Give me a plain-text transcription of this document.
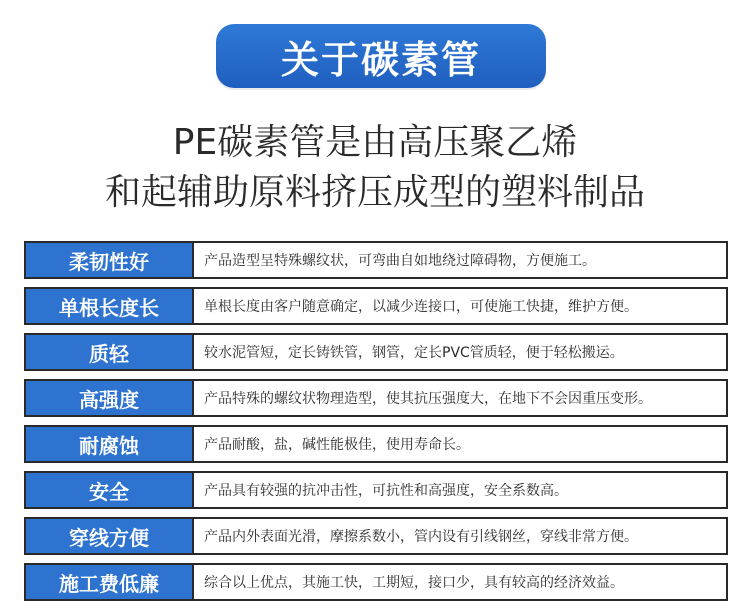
关于碳素管
PE碳素管是由高压聚乙烯
和起辅助原料挤压成型的塑料制品
柔韧性好	产品造型呈特殊螺纹状，可弯曲自如地绕过障碍物，方便施工。
单根长度长	单根长度由客户随意确定，以减少连接口，可使施工快捷，维护方便。
质轻	较水泥管短，定长铸铁管，钢管，定长PVC管质轻，便于轻松搬运。
高强度	产品特殊的螺纹状物理造型，使其抗压强度大，在地下不会因重压变形。
耐腐蚀	产品耐酸，盐，碱性能极佳，使用寿命长。
安全	产品具有较强的抗冲击性，可抗性和高强度，安全系数高。
穿线方便	产品内外表面光滑，摩擦系数小，管内设有引线钢丝，穿线非常方便。
施工费低廉	综合以上优点，其施工快，工期短，接口少，具有较高的经济效益。
